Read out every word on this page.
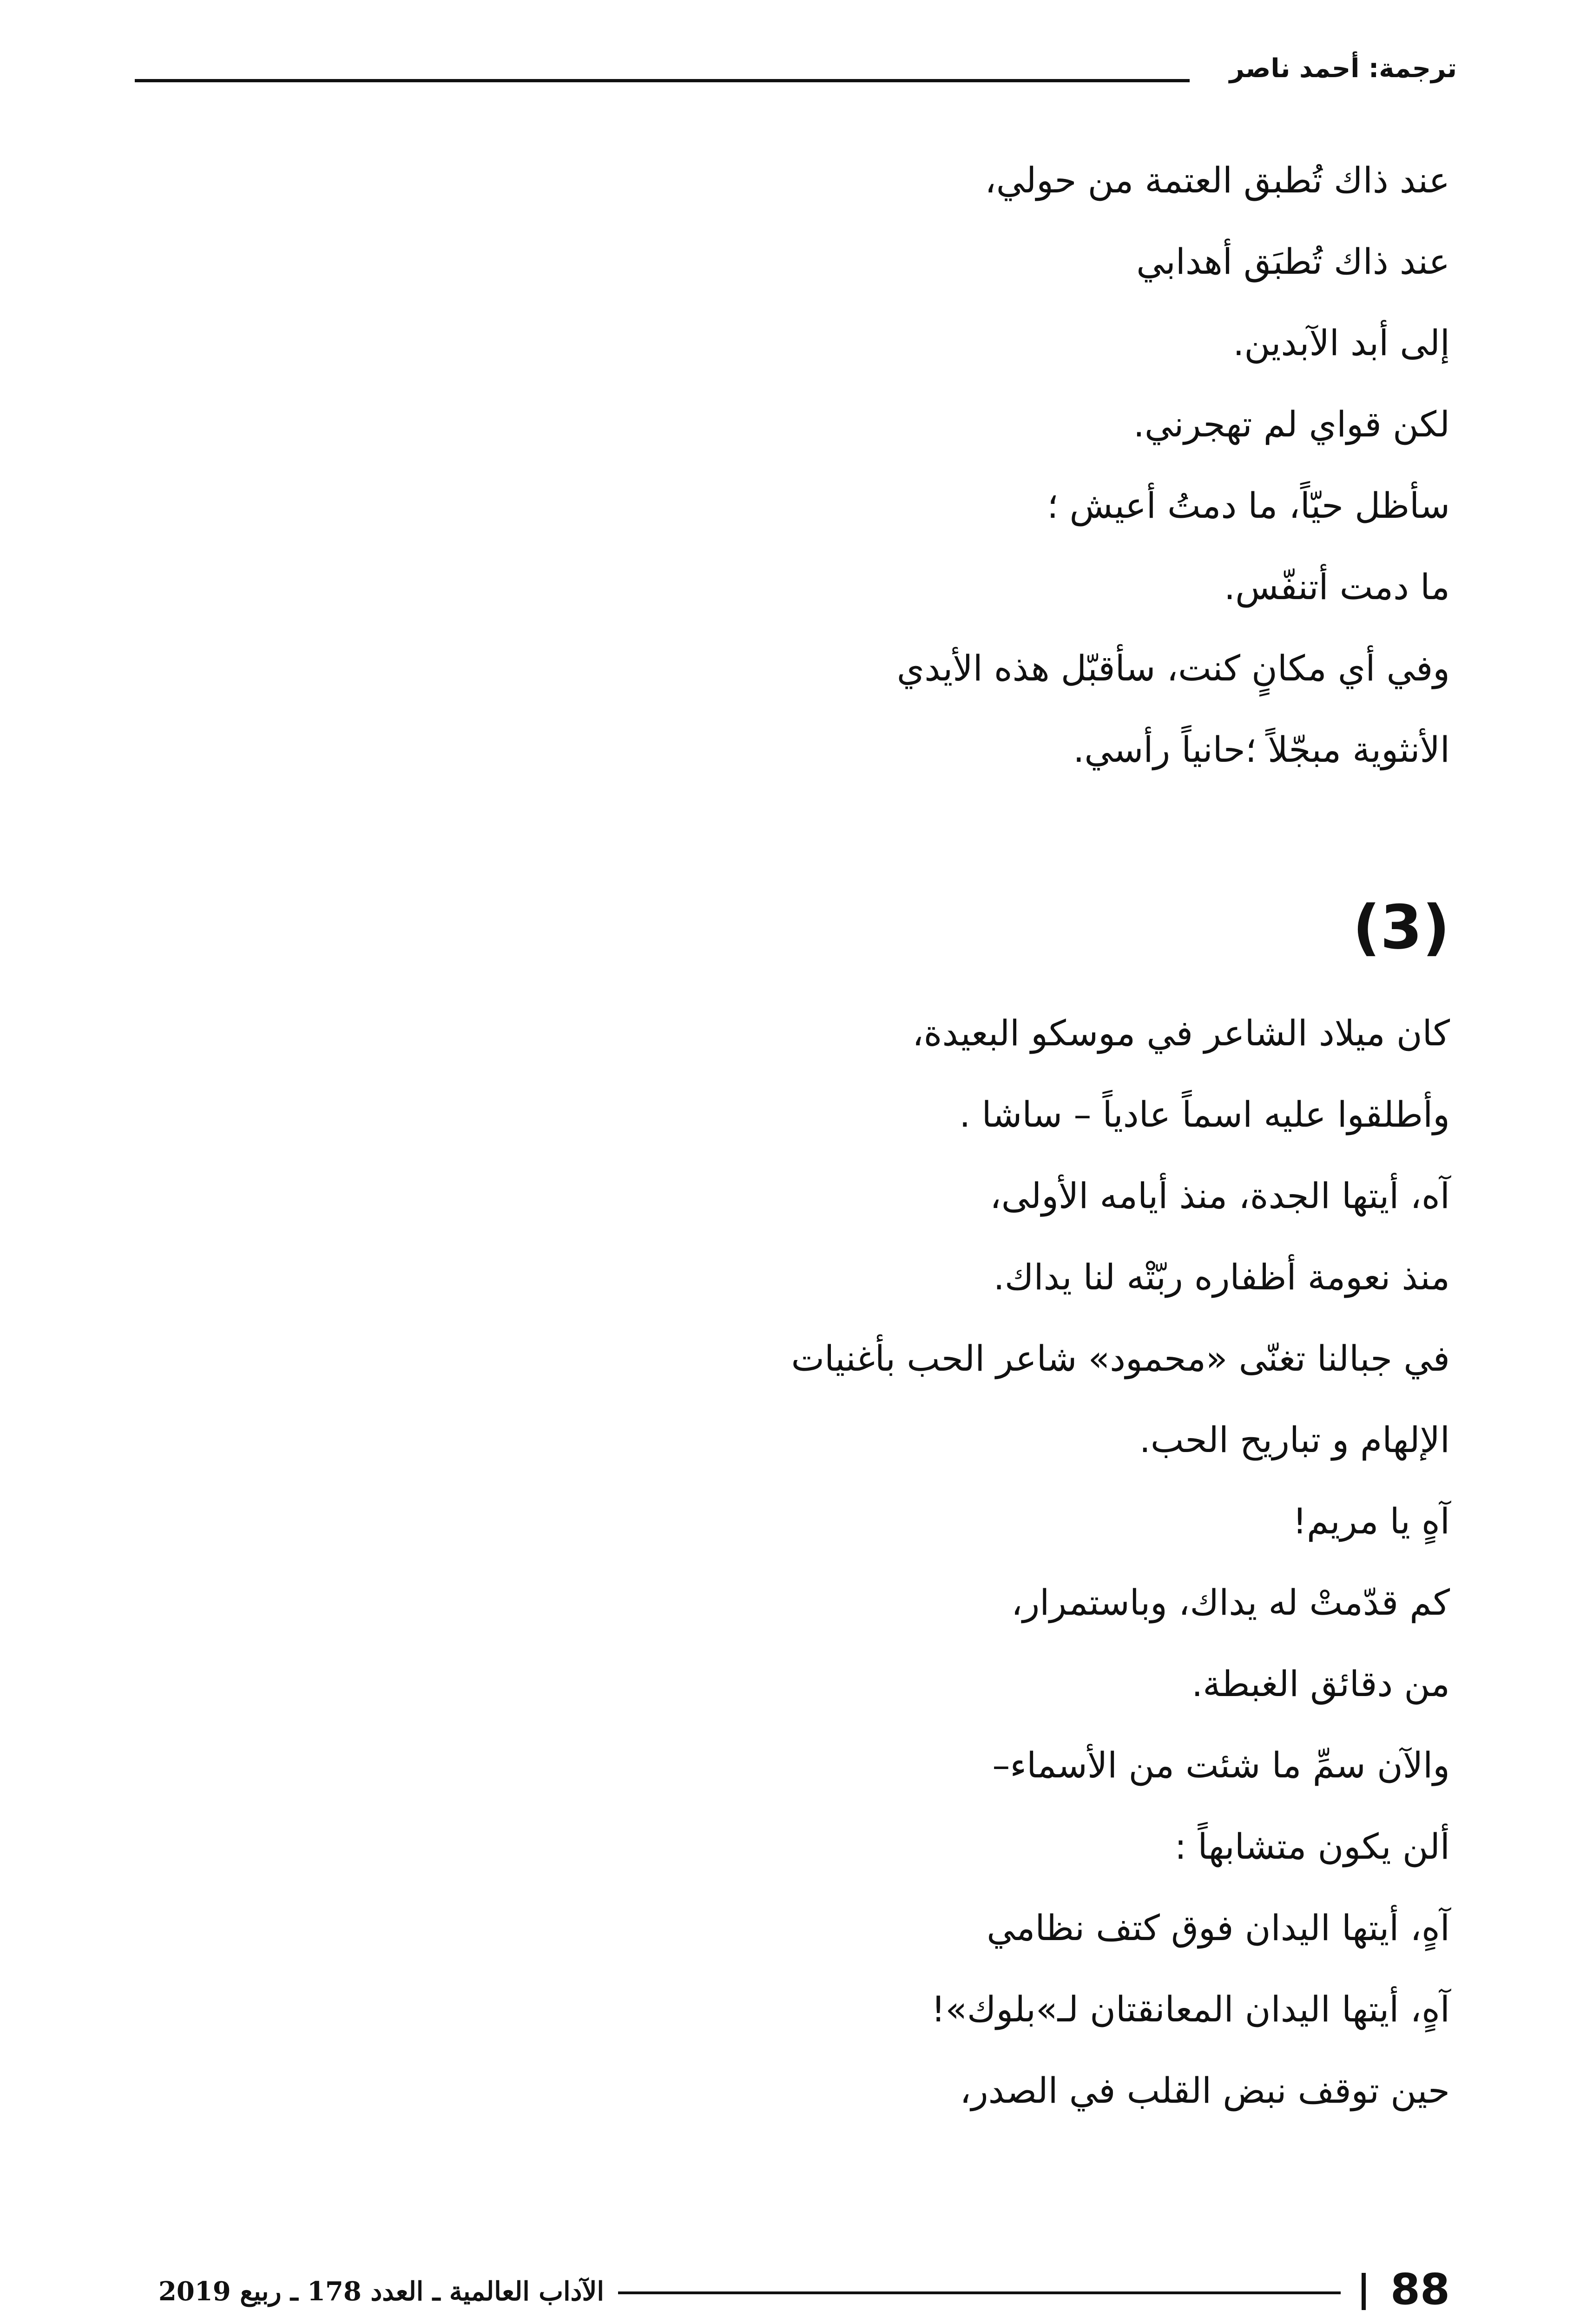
ترجمة: أحمد ناصر
عند ذاك تُطبق العتمة من حولي،
عند ذاك تُطبَق أهدابي
إلى أبد الآبدين.
لكن قواي لم تهجرني.
سأظل حيّاً، ما دمتُ أعيش ؛
ما دمت أتنفّس.
وفي أي مكانٍ كنت، سأقبّل هذه الأيدي
الأنثوية مبجّلاً ؛حانياً رأسي.
(3)
كان ميلاد الشاعر في موسكو البعيدة،
وأطلقوا عليه اسماً عادياً – ساشا .
آه، أيتها الجدة، منذ أيامه الأولى،
منذ نعومة أظفاره ربّتْه لنا يداك.
في جبالنا تغنّى «محمود» شاعر الحب بأغنيات
الإلهام و تباريح الحب.
آهٍ يا مريم!
كم قدّمتْ له يداك، وباستمرار،
من دقائق الغبطة.
والآن سمِّ ما شئت من الأسماء–
ألن يكون متشابهاً :
آهٍ، أيتها اليدان فوق كتف نظامي
آهٍ، أيتها اليدان المعانقتان لـ»بلوك»!
حين توقف نبض القلب في الصدر،
88
الآداب العالمية ـ العدد 178 ـ ربيع 2019
